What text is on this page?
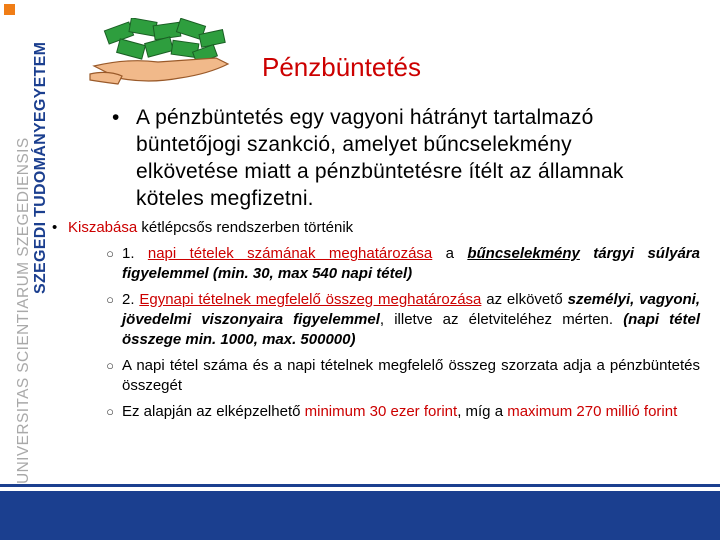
UNIVERSITAS SCIENTIARUM SZEGEDIENSIS SZEGEDI TUDOMÁNYEGYETEM	Pénzbüntetés
• A pénzbüntetés egy vagyoni hátrányt tartalmazó büntetőjogi szankció, amelyet bűncselekmény elkövetése miatt a pénzbüntetésre ítélt az államnak köteles megfizetni.
• Kiszabása kétlépcsős rendszerben történik
○ 1. napi tételek számának meghatározása a bűncselekmény tárgyi súlyára figyelemmel (min. 30, max 540 napi tétel)
○ 2. Egynapi tételnek megfelelő összeg meghatározása az elkövető személyi, vagyoni, jövedelmi viszonyaira figyelemmel, illetve az életviteléhez mérten. (napi tétel összege min. 1000, max. 500000)
○ A napi tétel száma és a napi tételnek megfelelő összeg szorzata adja a pénzbüntetés összegét
○ Ez alapján az elképzelhető minimum 30 ezer forint, míg a maximum 270 millió forint
